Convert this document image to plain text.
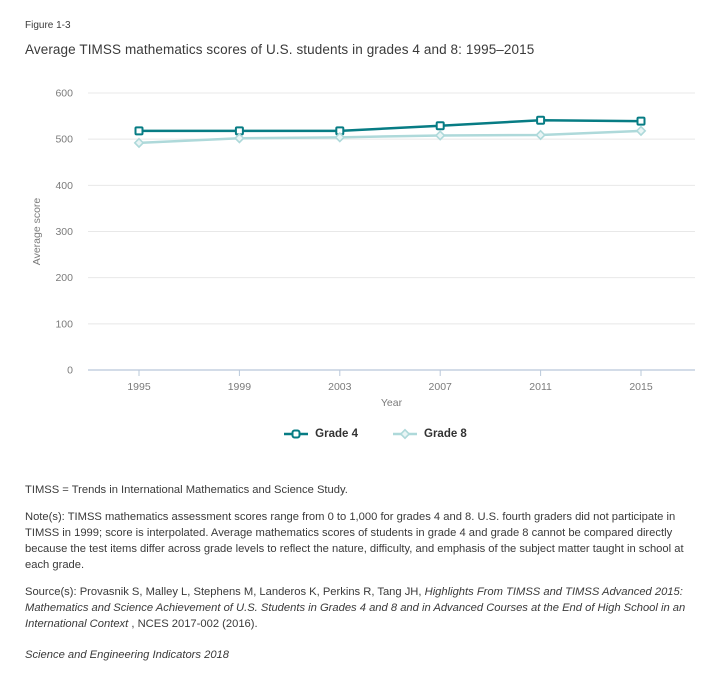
Figure 1-3
Average TIMSS mathematics scores of U.S. students in grades 4 and 8: 1995–2015
0
100
200
300
400
500
600
1995	1999	2003	2007	2011	2015
Year
Average score
Grade 4	Grade 8

TIMSS = Trends in International Mathematics and Science Study.

Note(s): TIMSS mathematics assessment scores range from 0 to 1,000 for grades 4 and 8. U.S. fourth graders did not participate in TIMSS in 1999; score is interpolated. Average mathematics scores of students in grade 4 and grade 8 cannot be compared directly because the test items differ across grade levels to reflect the nature, difficulty, and emphasis of the subject matter taught in school at each grade.

Source(s): Provasnik S, Malley L, Stephens M, Landeros K, Perkins R, Tang JH, Highlights From TIMSS and TIMSS Advanced 2015: Mathematics and Science Achievement of U.S. Students in Grades 4 and 8 and in Advanced Courses at the End of High School in an International Context , NCES 2017-002 (2016).

Science and Engineering Indicators 2018
